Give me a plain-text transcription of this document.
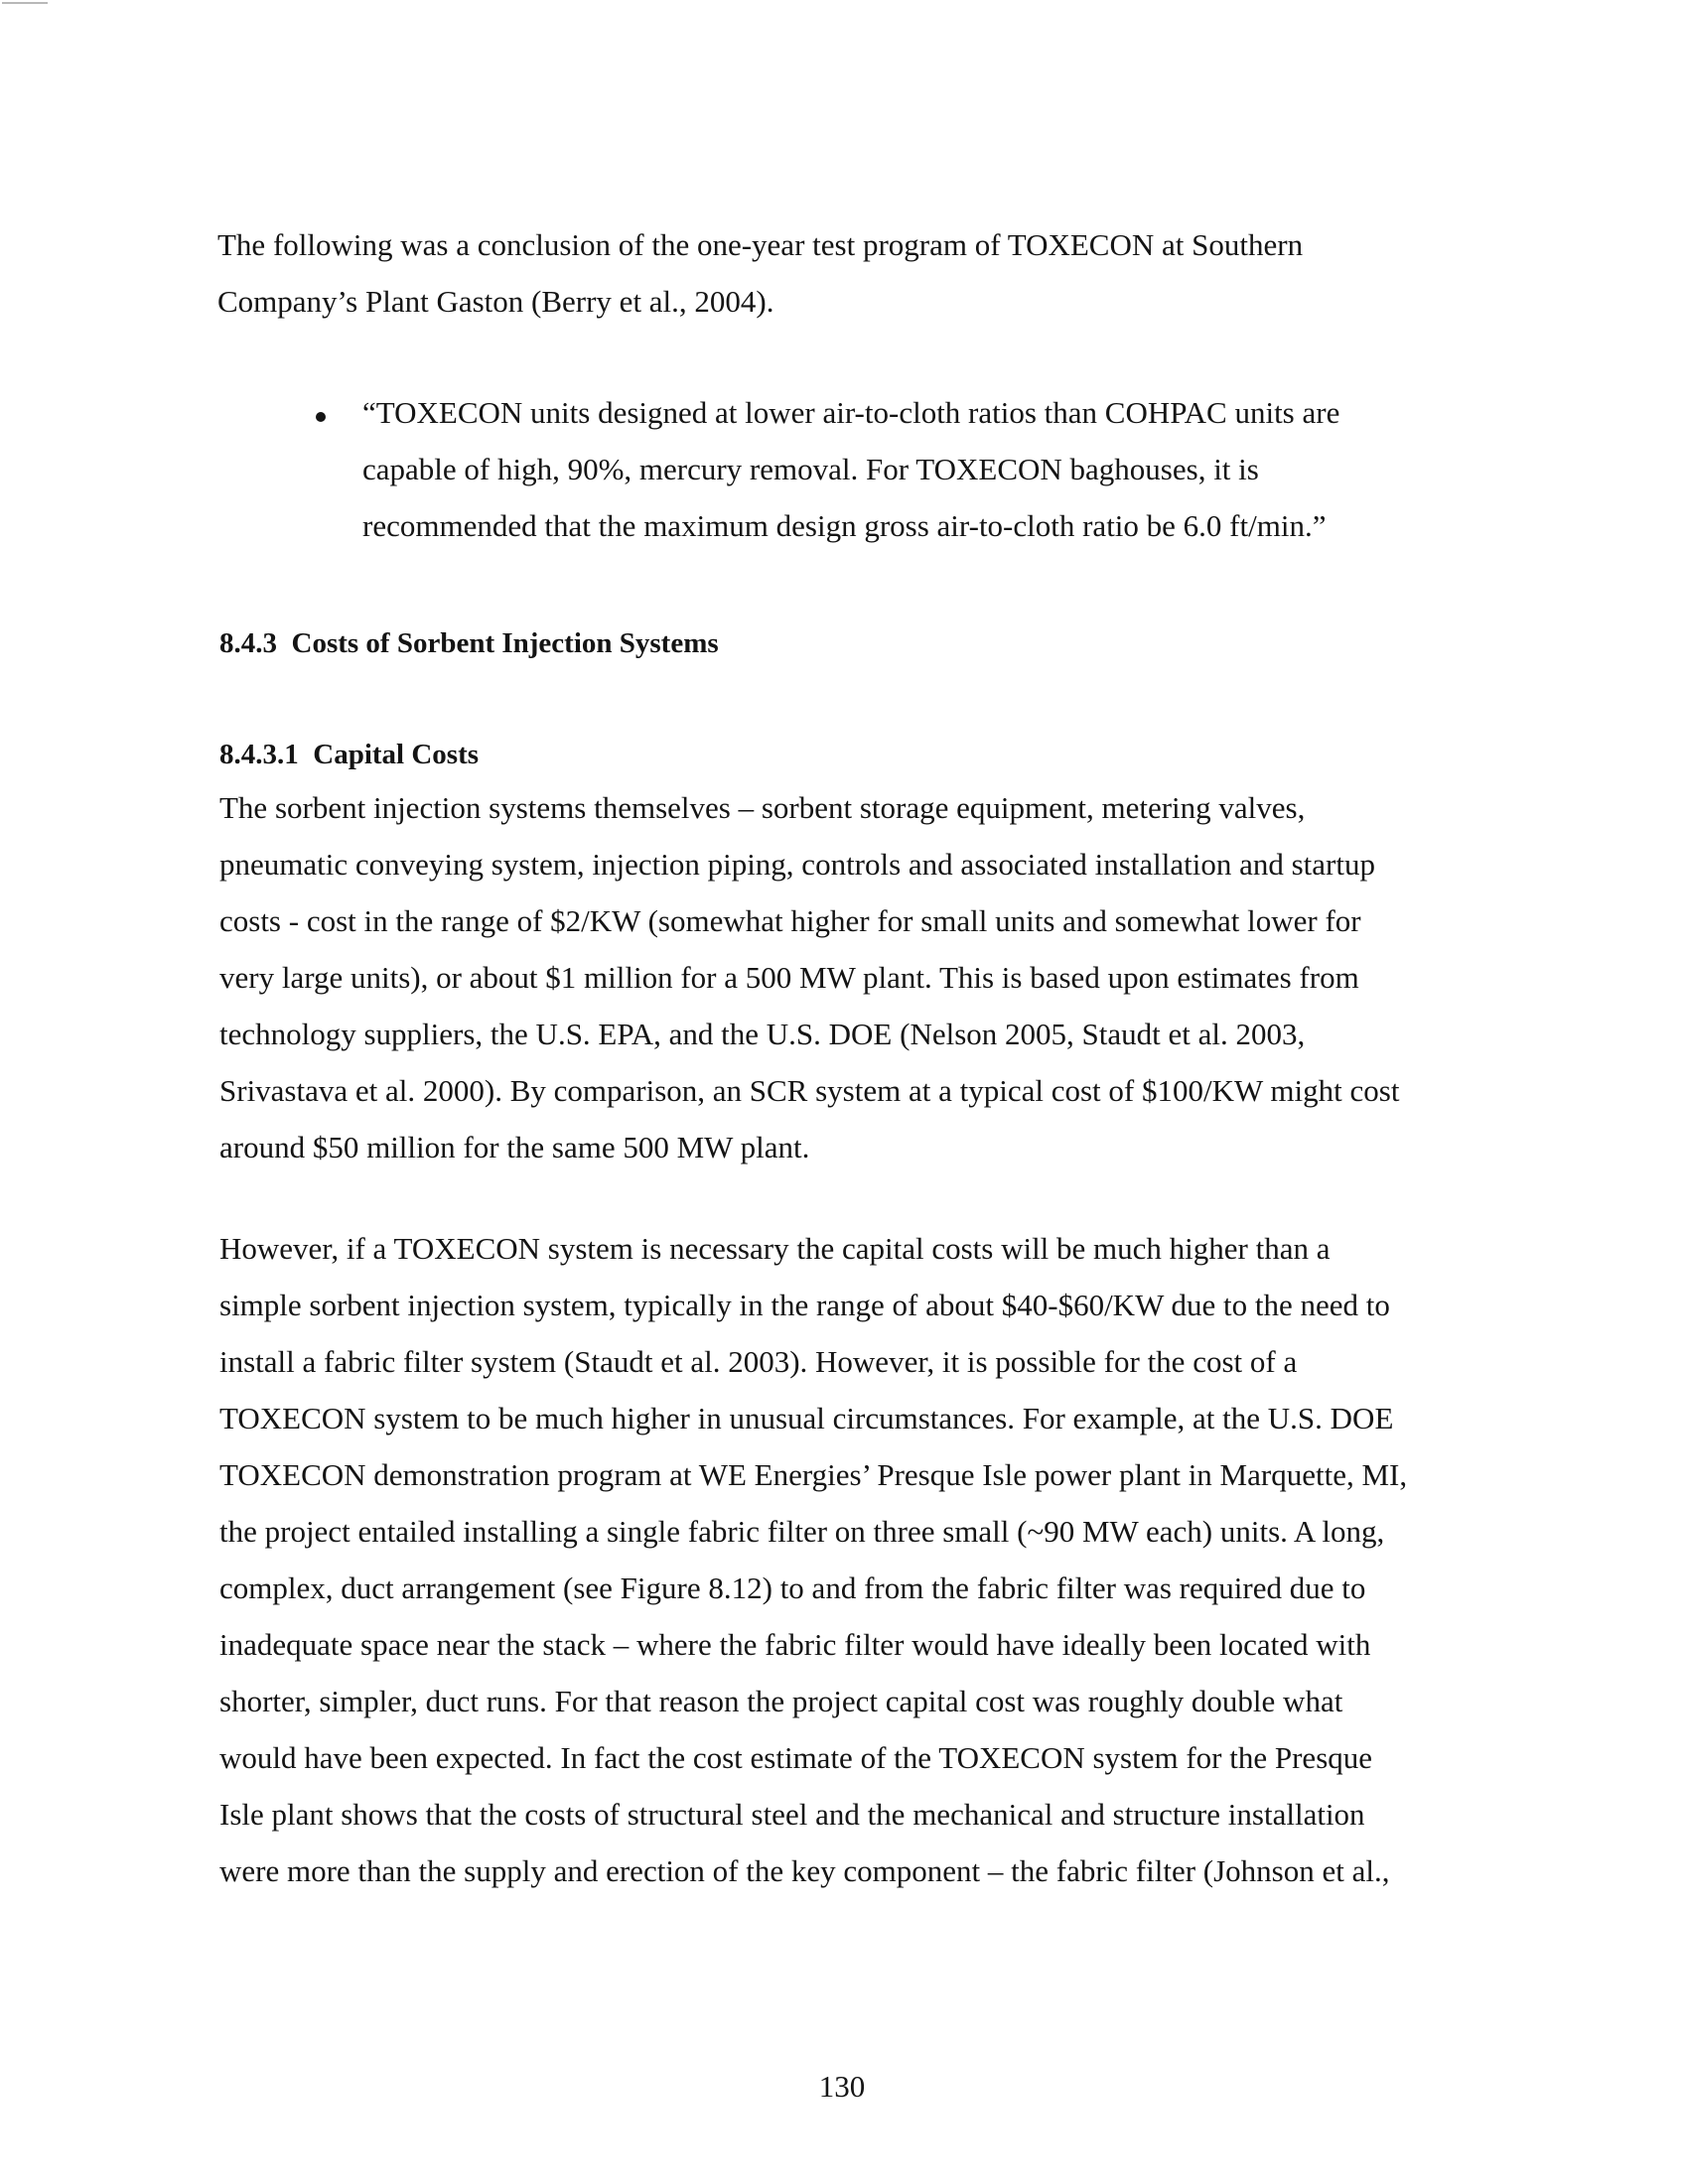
The following was a conclusion of the one-year test program of TOXECON at Southern
Company’s Plant Gaston (Berry et al., 2004).
“TOXECON units designed at lower air-to-cloth ratios than COHPAC units are
capable of high, 90%, mercury removal. For TOXECON baghouses, it is
recommended that the maximum design gross air-to-cloth ratio be 6.0 ft/min.”
8.4.3 Costs of Sorbent Injection Systems
8.4.3.1 Capital Costs
The sorbent injection systems themselves – sorbent storage equipment, metering valves,
pneumatic conveying system, injection piping, controls and associated installation and startup
costs - cost in the range of $2/KW (somewhat higher for small units and somewhat lower for
very large units), or about $1 million for a 500 MW plant. This is based upon estimates from
technology suppliers, the U.S. EPA, and the U.S. DOE (Nelson 2005, Staudt et al. 2003,
Srivastava et al. 2000). By comparison, an SCR system at a typical cost of $100/KW might cost
around $50 million for the same 500 MW plant.
However, if a TOXECON system is necessary the capital costs will be much higher than a
simple sorbent injection system, typically in the range of about $40-$60/KW due to the need to
install a fabric filter system (Staudt et al. 2003). However, it is possible for the cost of a
TOXECON system to be much higher in unusual circumstances. For example, at the U.S. DOE
TOXECON demonstration program at WE Energies’ Presque Isle power plant in Marquette, MI,
the project entailed installing a single fabric filter on three small (~90 MW each) units. A long,
complex, duct arrangement (see Figure 8.12) to and from the fabric filter was required due to
inadequate space near the stack – where the fabric filter would have ideally been located with
shorter, simpler, duct runs. For that reason the project capital cost was roughly double what
would have been expected. In fact the cost estimate of the TOXECON system for the Presque
Isle plant shows that the costs of structural steel and the mechanical and structure installation
were more than the supply and erection of the key component – the fabric filter (Johnson et al.,
130
